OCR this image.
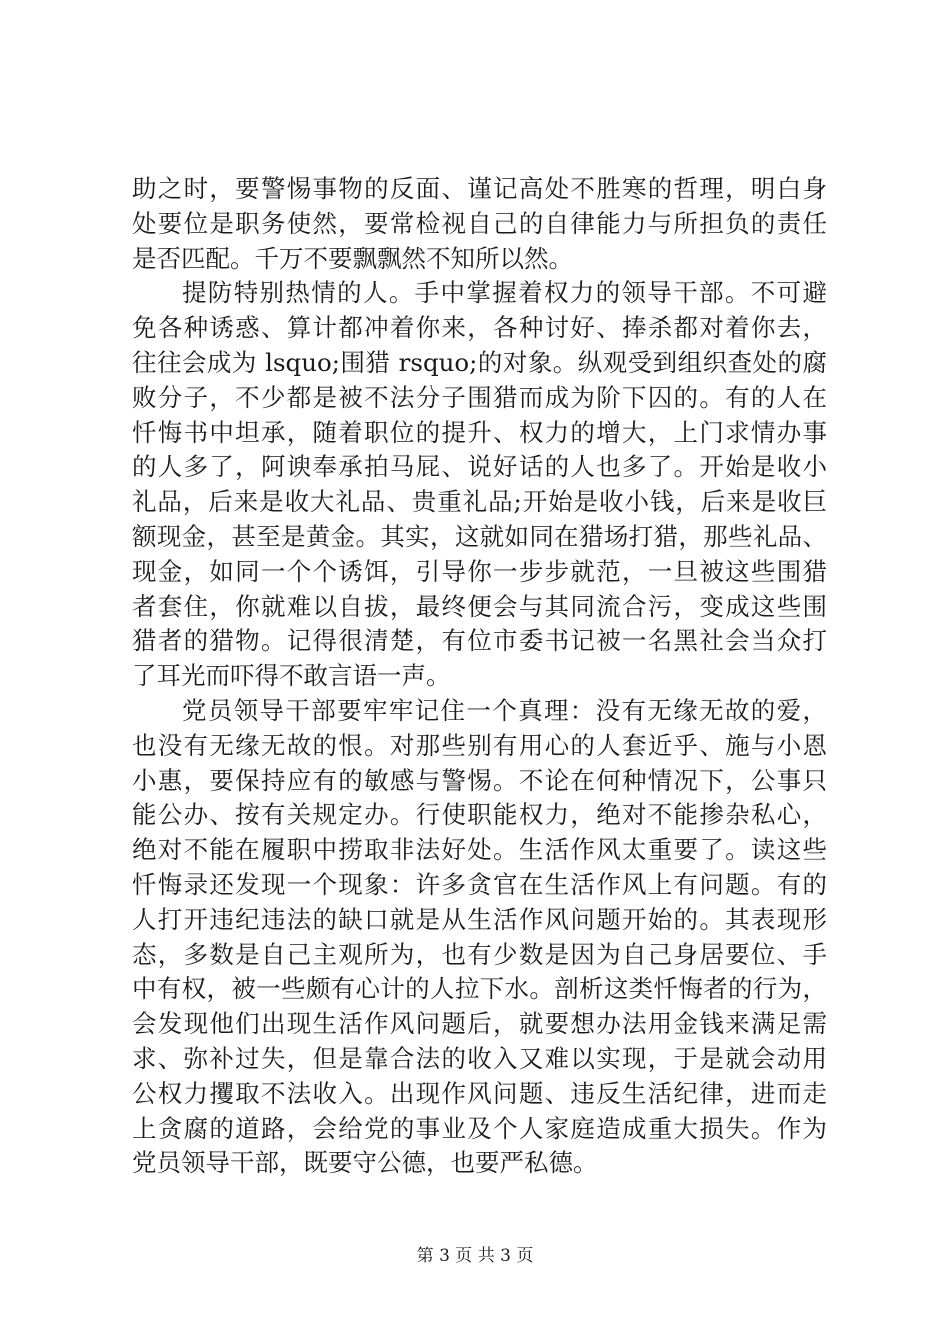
助之时，要警惕事物的反面、谨记高处不胜寒的哲理，明白身
处要位是职务使然，要常检视自己的自律能力与所担负的责任
是否匹配。千万不要飘飘然不知所以然。
提防特别热情的人。手中掌握着权力的领导干部。不可避
免各种诱惑、算计都冲着你来，各种讨好、捧杀都对着你去，
往往会成为 lsquo;围猎 rsquo;的对象。纵观受到组织查处的腐
败分子，不少都是被不法分子围猎而成为阶下囚的。有的人在
忏悔书中坦承，随着职位的提升、权力的增大，上门求情办事
的人多了，阿谀奉承拍马屁、说好话的人也多了。开始是收小
礼品，后来是收大礼品、贵重礼品;开始是收小钱，后来是收巨
额现金，甚至是黄金。其实，这就如同在猎场打猎，那些礼品、
现金，如同一个个诱饵，引导你一步步就范，一旦被这些围猎
者套住，你就难以自拔，最终便会与其同流合污，变成这些围
猎者的猎物。记得很清楚，有位市委书记被一名黑社会当众打
了耳光而吓得不敢言语一声。
党员领导干部要牢牢记住一个真理：没有无缘无故的爱，
也没有无缘无故的恨。对那些别有用心的人套近乎、施与小恩
小惠，要保持应有的敏感与警惕。不论在何种情况下，公事只
能公办、按有关规定办。行使职能权力，绝对不能掺杂私心，
绝对不能在履职中捞取非法好处。生活作风太重要了。读这些
忏悔录还发现一个现象：许多贪官在生活作风上有问题。有的
人打开违纪违法的缺口就是从生活作风问题开始的。其表现形
态，多数是自己主观所为，也有少数是因为自己身居要位、手
中有权，被一些颇有心计的人拉下水。剖析这类忏悔者的行为，
会发现他们出现生活作风问题后，就要想办法用金钱来满足需
求、弥补过失，但是靠合法的收入又难以实现，于是就会动用
公权力攫取不法收入。出现作风问题、违反生活纪律，进而走
上贪腐的道路，会给党的事业及个人家庭造成重大损失。作为
党员领导干部，既要守公德，也要严私德。
第 3 页 共 3 页
